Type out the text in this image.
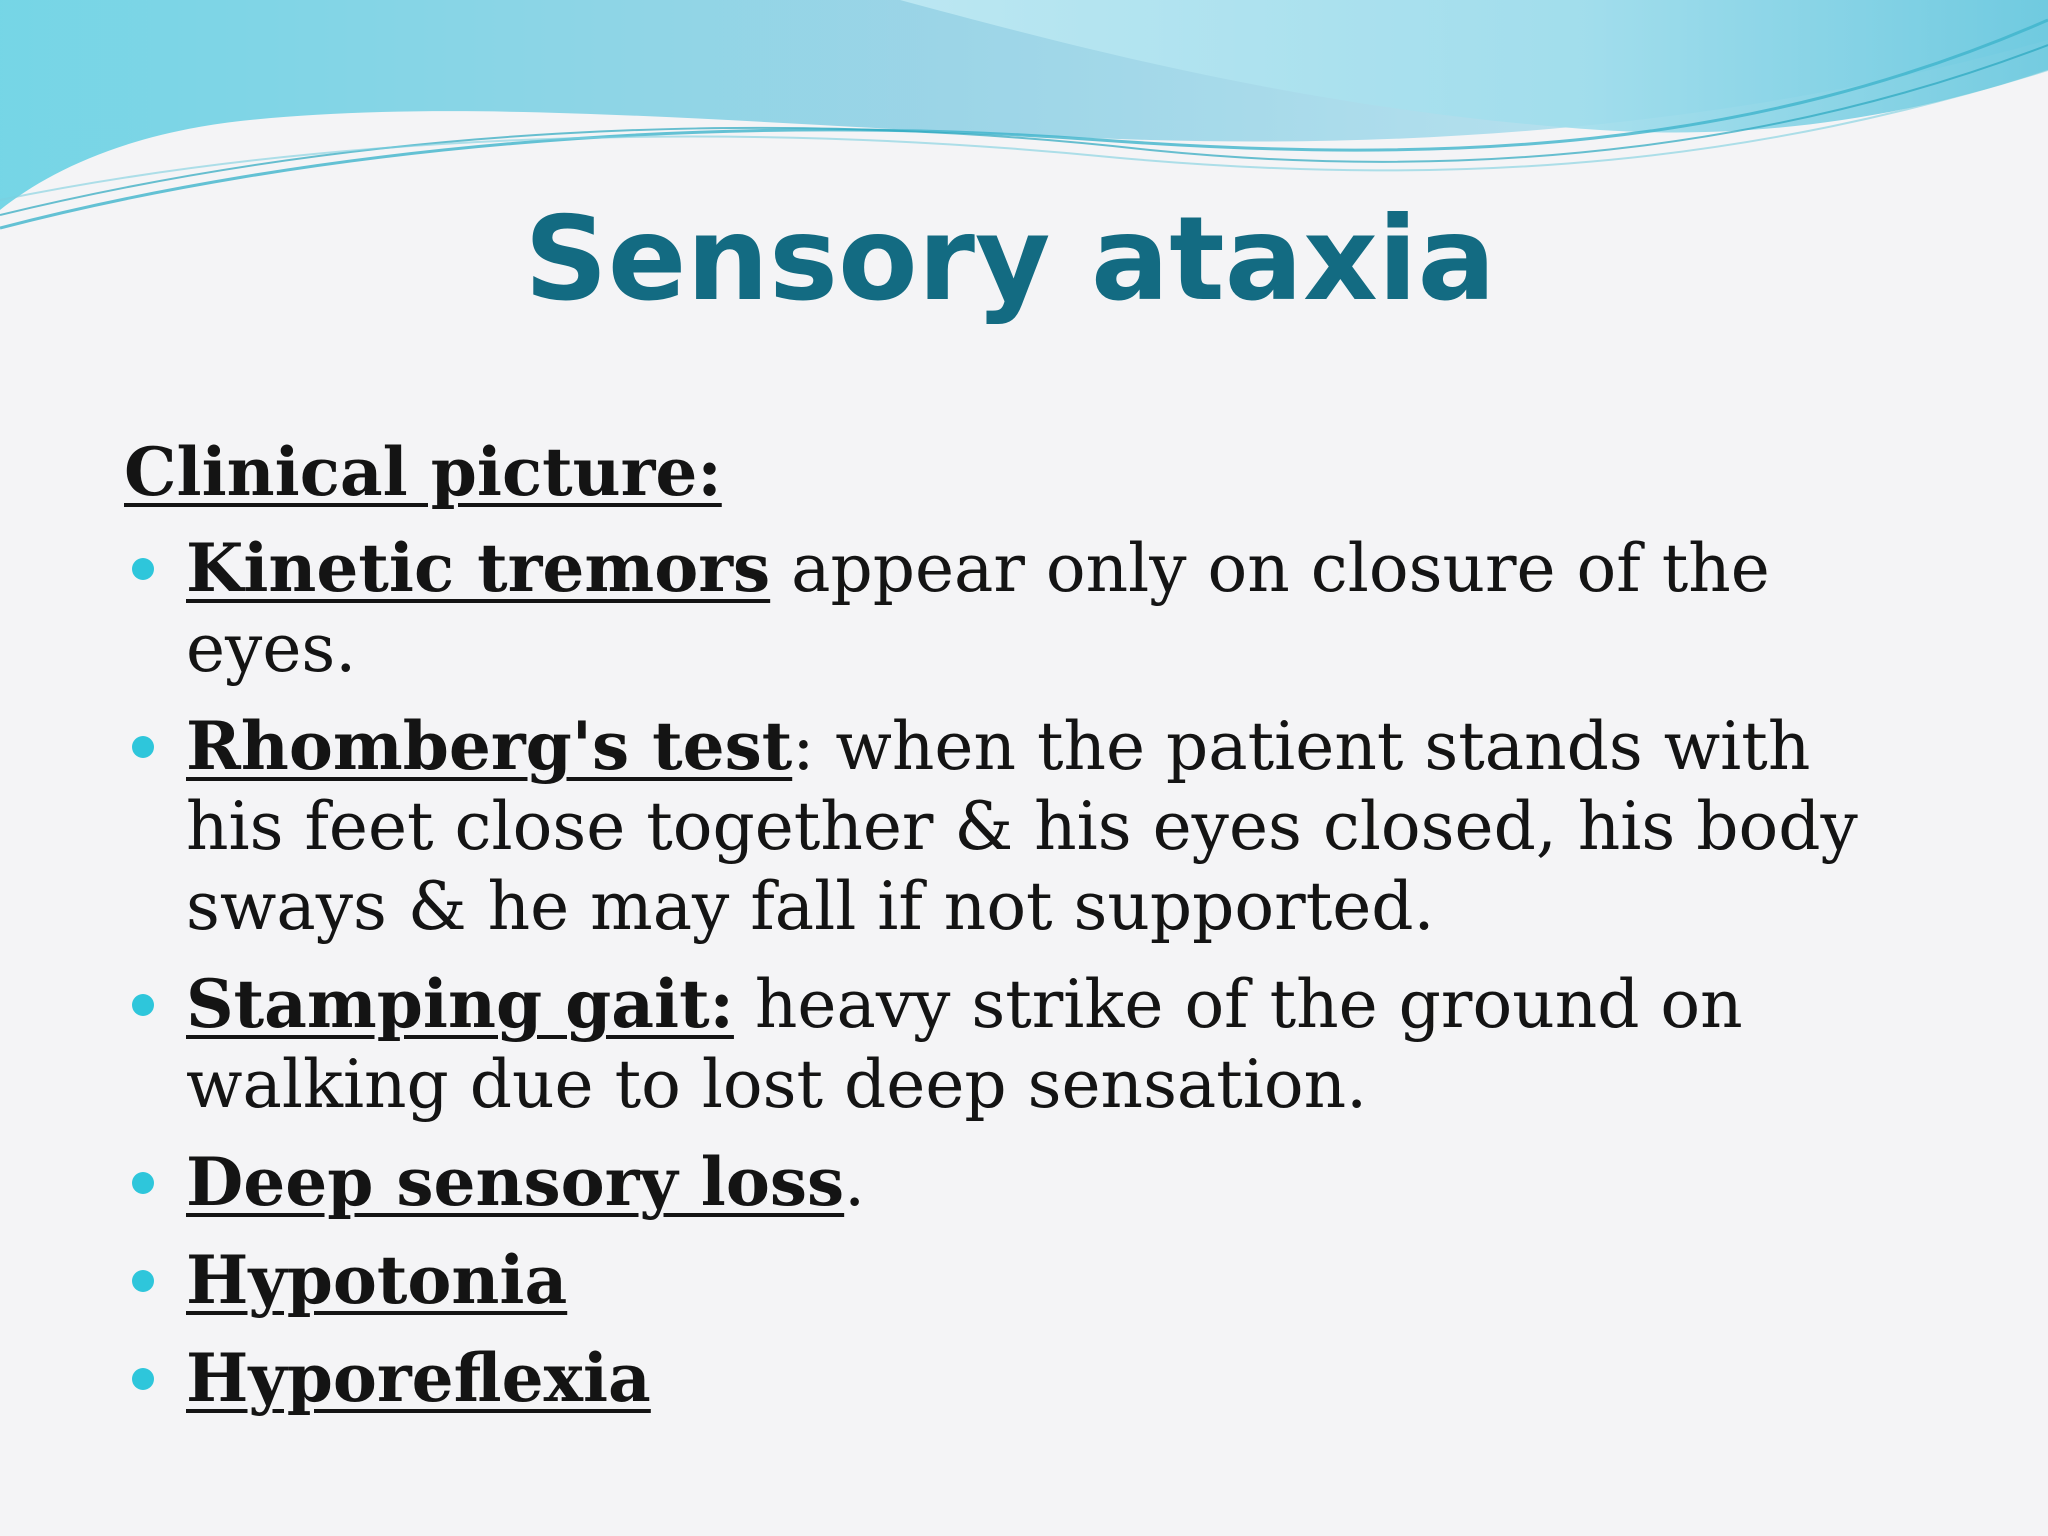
Sensory ataxia
Clinical picture:
Kinetic tremors appear only on closure of the eyes.
Rhomberg's test: when the patient stands with his feet close together & his eyes closed, his body sways & he may fall if not supported.
Stamping gait: heavy strike of the ground on walking due to lost deep sensation.
Deep sensory loss.
Hypotonia
Hyporeflexia
